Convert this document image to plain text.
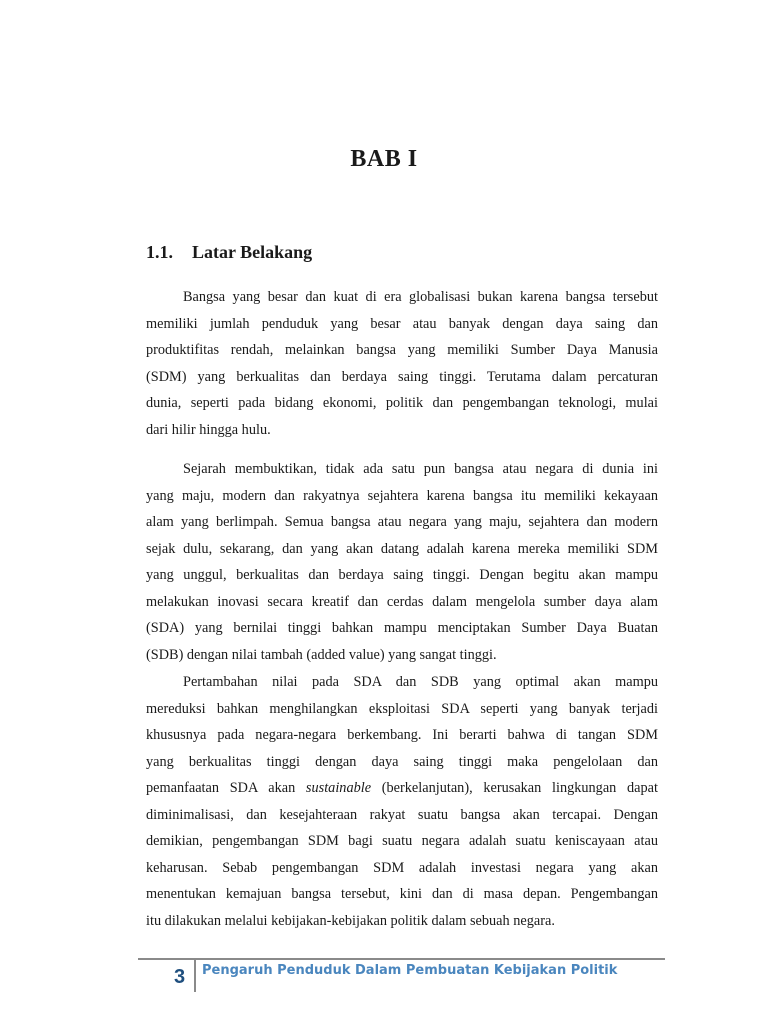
BAB I
1.1. Latar Belakang

Bangsa yang besar dan kuat di era globalisasi bukan karena bangsa tersebut
memiliki jumlah penduduk yang besar atau banyak dengan daya saing dan
produktifitas rendah, melainkan bangsa yang memiliki Sumber Daya Manusia
(SDM) yang berkualitas dan berdaya saing tinggi. Terutama dalam percaturan
dunia, seperti pada bidang ekonomi, politik dan pengembangan teknologi, mulai
dari hilir hingga hulu.

Sejarah membuktikan, tidak ada satu pun bangsa atau negara di dunia ini
yang maju, modern dan rakyatnya sejahtera karena bangsa itu memiliki kekayaan
alam yang berlimpah. Semua bangsa atau negara yang maju, sejahtera dan modern
sejak dulu, sekarang, dan yang akan datang adalah karena mereka memiliki SDM
yang unggul, berkualitas dan berdaya saing tinggi. Dengan begitu akan mampu
melakukan inovasi secara kreatif dan cerdas dalam mengelola sumber daya alam
(SDA) yang bernilai tinggi bahkan mampu menciptakan Sumber Daya Buatan
(SDB) dengan nilai tambah (added value) yang sangat tinggi.

Pertambahan nilai pada SDA dan SDB yang optimal akan mampu
mereduksi bahkan menghilangkan eksploitasi SDA seperti yang banyak terjadi
khususnya pada negara-negara berkembang. Ini berarti bahwa di tangan SDM
yang berkualitas tinggi dengan daya saing tinggi maka pengelolaan dan
pemanfaatan SDA akan sustainable (berkelanjutan), kerusakan lingkungan dapat
diminimalisasi, dan kesejahteraan rakyat suatu bangsa akan tercapai. Dengan
demikian, pengembangan SDM bagi suatu negara adalah suatu keniscayaan atau
keharusan. Sebab pengembangan SDM adalah investasi negara yang akan
menentukan kemajuan bangsa tersebut, kini dan di masa depan. Pengembangan
itu dilakukan melalui kebijakan-kebijakan politik dalam sebuah negara.

3 Pengaruh Penduduk Dalam Pembuatan Kebijakan Politik
